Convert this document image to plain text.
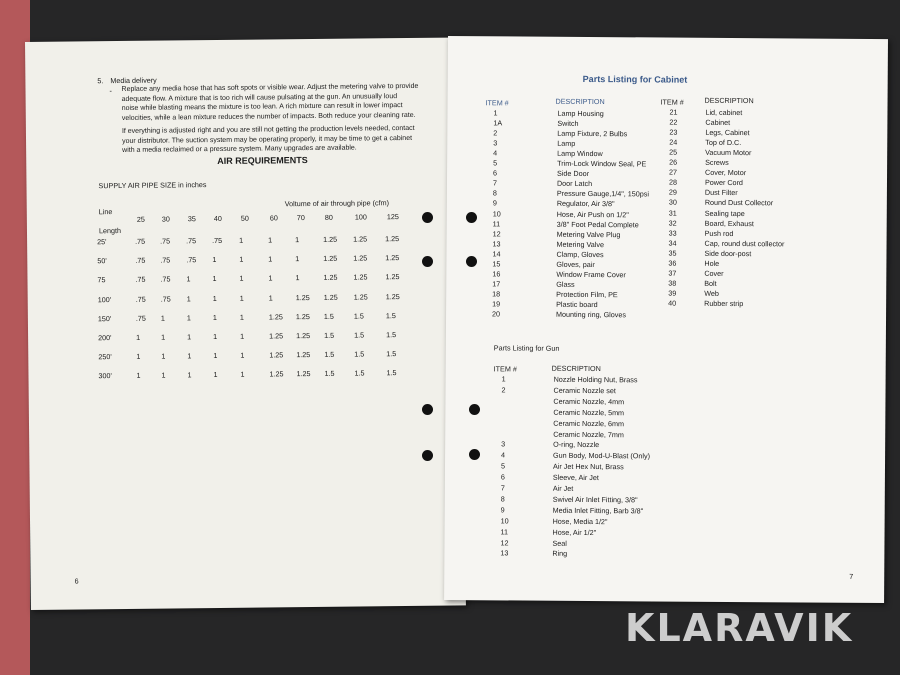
5. Media delivery
- Replace any media hose that has soft spots or visible wear. Adjust the metering valve to provide
adequate flow. A mixture that is too rich will cause pulsating at the gun. An unusually loud
noise while blasting means the mixture is too lean. A rich mixture can result in lower impact
velocities, while a lean mixture reduces the number of impacts. Both reduce your cleaning rate.
If everything is adjusted right and you are still not getting the production levels needed, contact
your distributor. The suction system may be operating properly, it may be time to get a cabinet
with a media reclaimed or a pressure system. Many upgrades are available.
AIR REQUIREMENTS
SUPPLY AIR PIPE SIZE in inches
Voltume of air through pipe (cfm)
Line
Length
6
25 30 35 40	50	60	70	80	100	125
25'	.75 .75 .75 .75 1	1	1	1.25 1.25 1.25
50'	.75 .75 .75 1	1	1	1	1.25 1.25 1.25
75	.75 .75 1	1	1	1	1	1.25 1.25 1.25
100'	.75 .75 1	1	1	1	1.25 1.25 1.25 1.25
150'	.75 1	1	1	1	1.25 1.25 1.5	1.5	1.5
200'	1	1	1	1	1	1.25 1.25 1.5	1.5	1.5
250'	1	1	1	1	1	1.25 1.25 1.5	1.5	1.5
300'	1	1	1	1	1	1.25 1.25 1.5	1.5	1.5
Parts Listing for Cabinet
ITEM #	DESCRIPTION	ITEM #	DESCRIPTION
Parts Listing for Gun
ITEM #	DESCRIPTION
7
1	Lamp Housing
1A	Switch
2	Lamp Fixture, 2 Bulbs
3	Lamp
4	Lamp Window
5	Trim-Lock Window Seal, PE
6	Side Door
7	Door Latch
8	Pressure Gauge,1/4", 150psi
9	Regulator, Air 3/8"
10	Hose, Air Push on 1/2"
11	3/8" Foot Pedal Complete
12	Metering Valve Plug
13	Metering Valve
14	Clamp, Gloves
15	Gloves, pair
16	Window Frame Cover
17	Glass
18	Protection Film, PE
19	Plastic board
20	Mounting ring, Gloves
21	Lid, cabinet
22	Cabinet
23	Legs, Cabinet
24	Top of D.C.
25	Vacuum Motor
26	Screws
27	Cover, Motor
28	Power Cord
29	Dust Filter
30	Round Dust Collector
31	Sealing tape
32	Board, Exhaust
33	Push rod
34	Cap, round dust collector
35	Side door-post
36	Hole
37	Cover
38	Bolt
39	Web
40	Rubber strip
1	Nozzle Holding Nut, Brass
2	Ceramic Nozzle set
Ceramic Nozzle, 4mm
Ceramic Nozzle, 5mm
Ceramic Nozzle, 6mm
Ceramic Nozzle, 7mm
3	O-ring, Nozzle
4	Gun Body, Mod-U-Blast (Only)
5	Air Jet Hex Nut, Brass
6	Sleeve, Air Jet
7	Air Jet
8	Swivel Air Inlet Fitting, 3/8"
9	Media Inlet Fitting, Barb 3/8"
10	Hose, Media 1/2"
11	Hose, Air 1/2"
12	Seal
13	Ring
KLARAVIK
